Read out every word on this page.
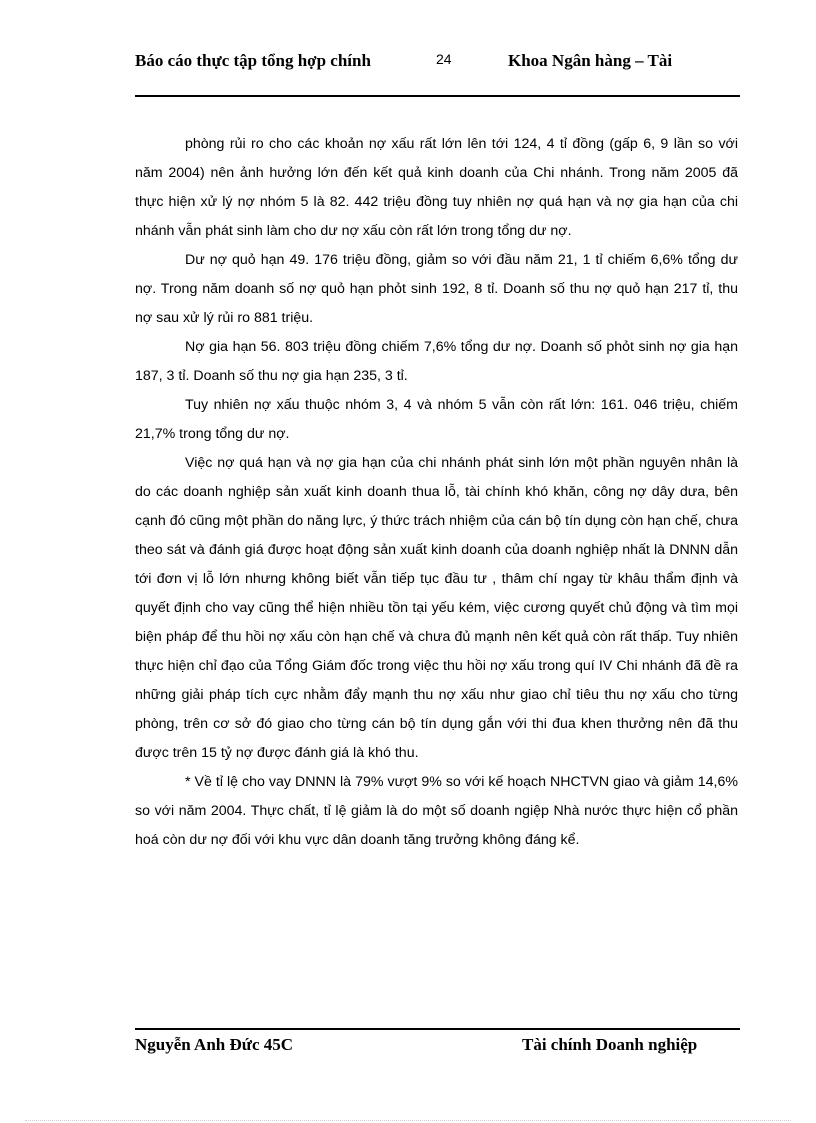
Báo cáo thực tập tổng hợp chính	24	Khoa Ngân hàng – Tài

phòng rủi ro cho các khoản nợ xấu rất lớn lên tới 124, 4 tỉ đồng (gấp 6, 9 lần so với năm 2004) nên ảnh hưởng lớn đến kết quả kinh doanh của Chi nhánh. Trong năm 2005 đã thực hiện xử lý nợ nhóm 5 là 82. 442 triệu đồng tuy nhiên nợ quá hạn và nợ gia hạn của chi nhánh vẫn phát sinh làm cho dư nợ xấu còn rất lớn trong tổng dư nợ.

Dư nợ quỏ hạn 49. 176 triệu đồng, giảm so với đầu năm 21, 1 tỉ chiếm 6,6% tổng dư nợ. Trong năm doanh số nợ quỏ hạn phỏt sinh 192, 8 tỉ. Doanh số thu nợ quỏ hạn 217 tỉ, thu nợ sau xử lý rủi ro 881 triệu.

Nợ gia hạn 56. 803 triệu đồng chiếm 7,6% tổng dư nợ. Doanh số phỏt sinh nợ gia hạn 187, 3 tỉ. Doanh số thu nợ gia hạn 235, 3 tỉ.

Tuy nhiên nợ xấu thuộc nhóm 3, 4 và nhóm 5 vẫn còn rất lớn: 161. 046 triệu, chiếm 21,7% trong tổng dư nợ.

Việc nợ quá hạn và nợ gia hạn của chi nhánh phát sinh lớn một phần nguyên nhân là do các doanh nghiệp sản xuất kinh doanh thua lỗ, tài chính khó khăn, công nợ dây dưa, bên cạnh đó cũng một phần do năng lực, ý thức trách nhiệm của cán bộ tín dụng còn hạn chế, chưa theo sát và đánh giá được hoạt động sản xuất kinh doanh của doanh nghiệp nhất là DNNN dẫn tới đơn vị lỗ lớn nhưng không biết vẫn tiếp tục đầu tư , thâm chí ngay từ khâu thẩm định và quyết định cho vay cũng thể hiện nhiều tồn tại yếu kém, việc cương quyết chủ động và tìm mọi biện pháp để thu hồi nợ xấu còn hạn chế và chưa đủ mạnh nên kết quả còn rất thấp. Tuy nhiên thực hiện chỉ đạo của Tổng Giám đốc trong việc thu hồi nợ xấu trong quí IV Chi nhánh đã đề ra những giải pháp tích cực nhằm đẩy mạnh thu nợ xấu như giao chỉ tiêu thu nợ xấu cho từng phòng, trên cơ sở đó giao cho từng cán bộ tín dụng gắn với thi đua khen thưởng nên đã thu được trên 15 tỷ nợ được đánh giá là khó thu.

* Về tỉ lệ cho vay DNNN là 79% vượt 9% so với kế hoạch NHCTVN giao và giảm 14,6% so với năm 2004. Thực chất, tỉ lệ giảm là do một số doanh ngiệp Nhà nước thực hiện cổ phần hoá còn dư nợ đối với khu vực dân doanh tăng trưởng không đáng kể.

Nguyễn Anh Đức 45C	Tài chính Doanh nghiệp
